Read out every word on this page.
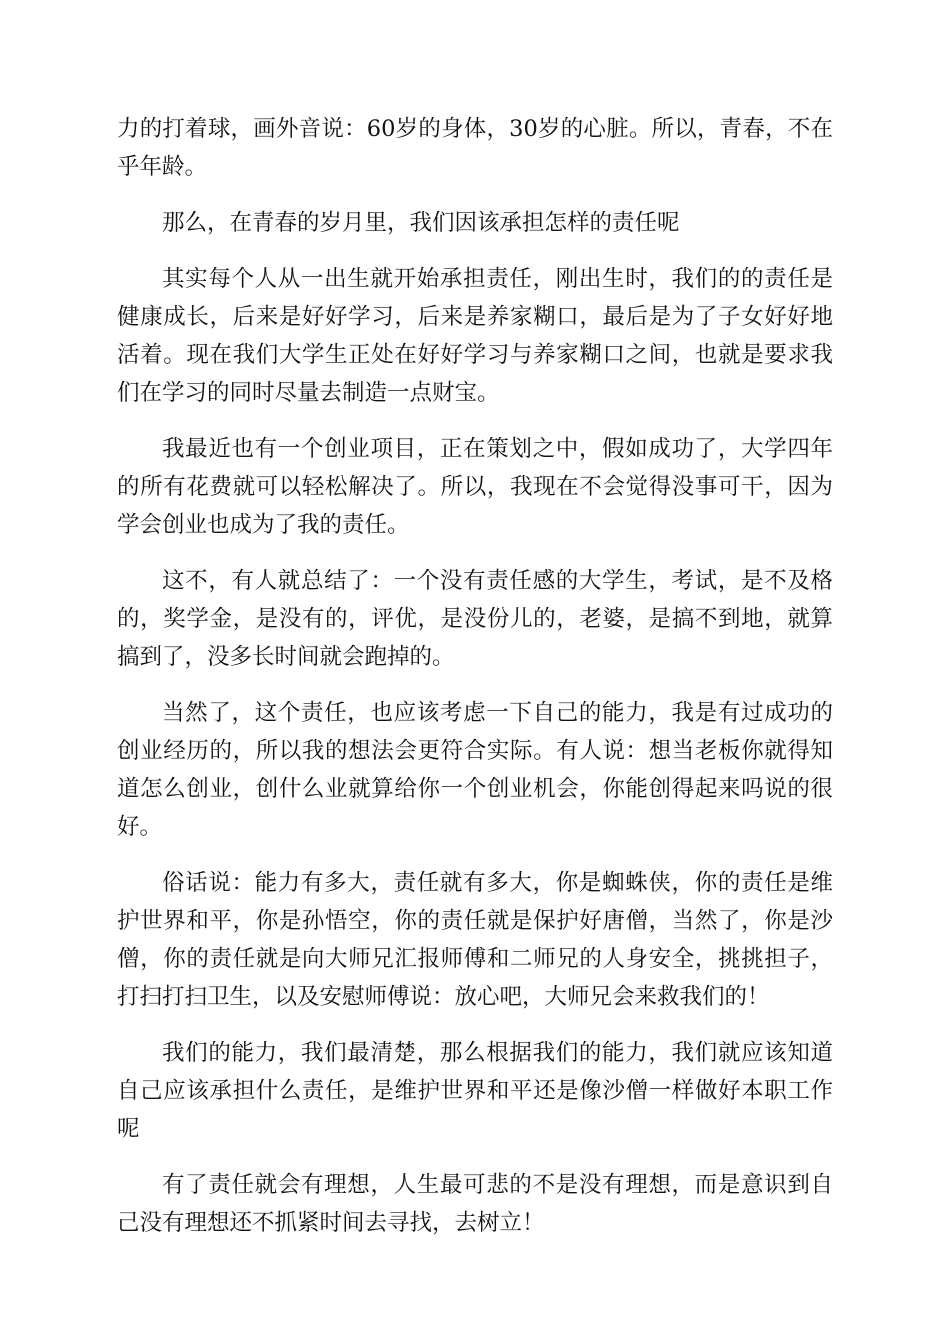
力的打着球，画外音说：60岁的身体，30岁的心脏。所以，青春，不在乎年龄。

那么，在青春的岁月里，我们因该承担怎样的责任呢

其实每个人从一出生就开始承担责任，刚出生时，我们的的责任是健康成长，后来是好好学习，后来是养家糊口，最后是为了子女好好地活着。现在我们大学生正处在好好学习与养家糊口之间，也就是要求我们在学习的同时尽量去制造一点财宝。

我最近也有一个创业项目，正在策划之中，假如成功了，大学四年的所有花费就可以轻松解决了。所以，我现在不会觉得没事可干，因为学会创业也成为了我的责任。

这不，有人就总结了：一个没有责任感的大学生，考试，是不及格的，奖学金，是没有的，评优，是没份儿的，老婆，是搞不到地，就算搞到了，没多长时间就会跑掉的。

当然了，这个责任，也应该考虑一下自己的能力，我是有过成功的创业经历的，所以我的想法会更符合实际。有人说：想当老板你就得知道怎么创业，创什么业就算给你一个创业机会，你能创得起来吗说的很好。

俗话说：能力有多大，责任就有多大，你是蜘蛛侠，你的责任是维护世界和平，你是孙悟空，你的责任就是保护好唐僧，当然了，你是沙僧，你的责任就是向大师兄汇报师傅和二师兄的人身安全，挑挑担子，打扫打扫卫生，以及安慰师傅说：放心吧，大师兄会来救我们的！

我们的能力，我们最清楚，那么根据我们的能力，我们就应该知道自己应该承担什么责任，是维护世界和平还是像沙僧一样做好本职工作呢

有了责任就会有理想，人生最可悲的不是没有理想，而是意识到自己没有理想还不抓紧时间去寻找，去树立！
